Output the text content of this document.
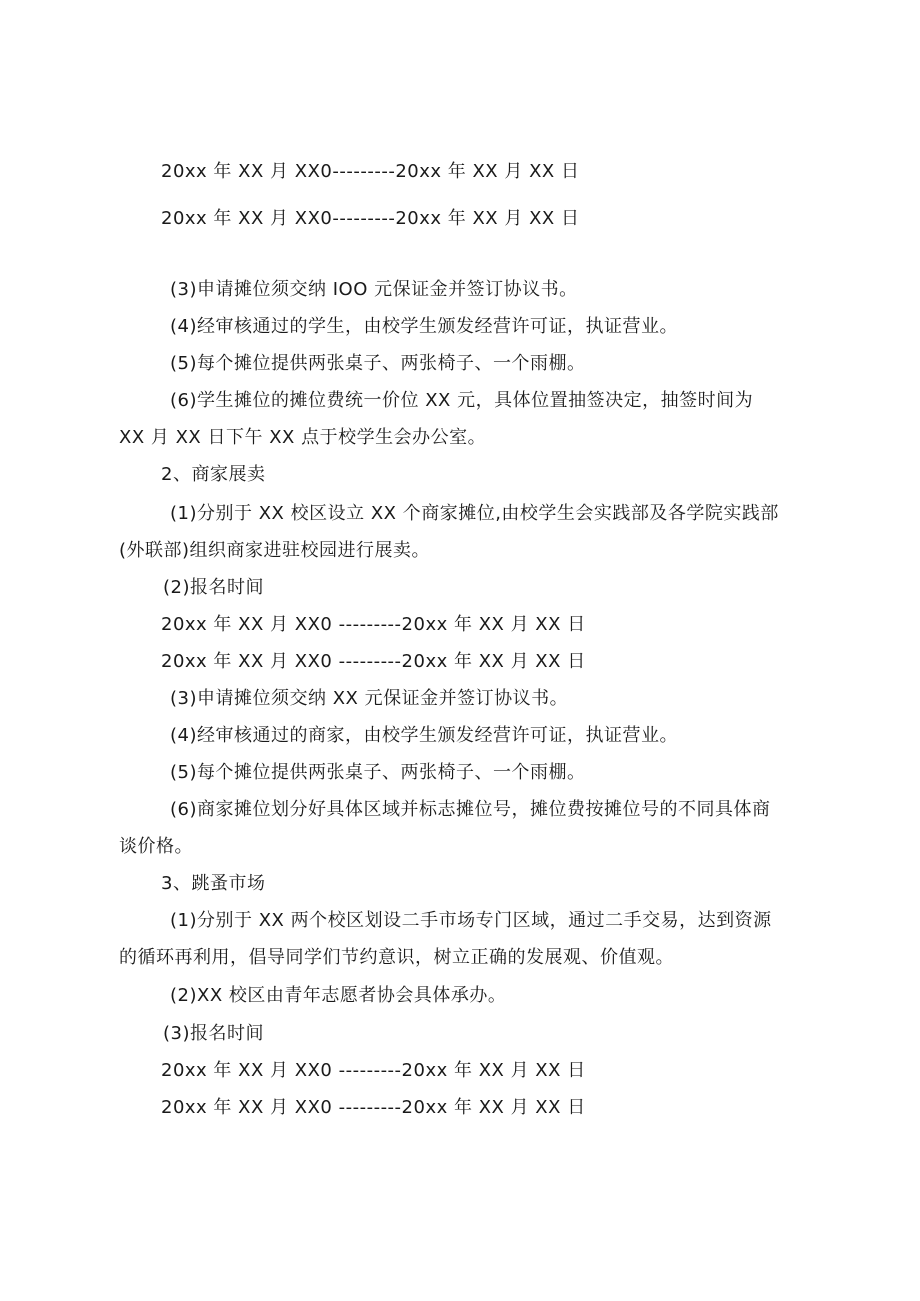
20xx 年 XX 月 XX0---------20xx 年 XX 月 XX 日

20xx 年 XX 月 XX0---------20xx 年 XX 月 XX 日

(3)申请摊位须交纳 IOO 元保证金并签订协议书。

(4)经审核通过的学生，由校学生颁发经营许可证，执证营业。

(5)每个摊位提供两张桌子、两张椅子、一个雨棚。

(6)学生摊位的摊位费统一价位 XX 元，具体位置抽签决定，抽签时间为

XX 月 XX 日下午 XX 点于校学生会办公室。

2、商家展卖

(1)分别于 XX 校区设立 XX 个商家摊位,由校学生会实践部及各学院实践部

(外联部)组织商家进驻校园进行展卖。

(2)报名时间

20xx 年 XX 月 XX0 ---------20xx 年 XX 月 XX 日

20xx 年 XX 月 XX0 ---------20xx 年 XX 月 XX 日

(3)申请摊位须交纳 XX 元保证金并签订协议书。

(4)经审核通过的商家，由校学生颁发经营许可证，执证营业。

(5)每个摊位提供两张桌子、两张椅子、一个雨棚。

(6)商家摊位划分好具体区域并标志摊位号，摊位费按摊位号的不同具体商

谈价格。

3、跳蚤市场

(1)分别于 XX 两个校区划设二手市场专门区域，通过二手交易，达到资源

的循环再利用，倡导同学们节约意识，树立正确的发展观、价值观。

(2)XX 校区由青年志愿者协会具体承办。

(3)报名时间

20xx 年 XX 月 XX0 ---------20xx 年 XX 月 XX 日

20xx 年 XX 月 XX0 ---------20xx 年 XX 月 XX 日
